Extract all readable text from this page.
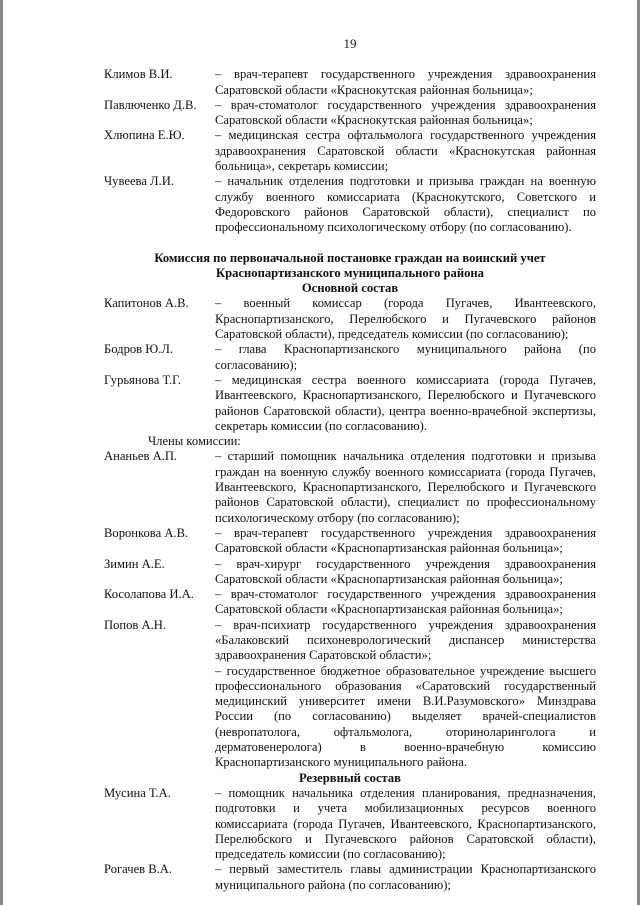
19
Климов В.И.	– врач-терапевт государственного учреждения здравоохранения Саратовской области «Краснокутская районная больница»;
Павлюченко Д.В.	– врач-стоматолог государственного учреждения здравоохранения Саратовской области «Краснокутская районная больница»;
Хлюпина Е.Ю.	– медицинская сестра офтальмолога государственного учреждения здравоохранения Саратовской области «Краснокутская районная больница», секретарь комиссии;
Чувеева Л.И.	– начальник отделения подготовки и призыва граждан на военную службу военного комиссариата (Краснокутского, Советского и Федоровского районов Саратовской области), специалист по профессиональному психологическому отбору (по согласованию).
Комиссия по первоначальной постановке граждан на воинский учет
Краснопартизанского муниципального района
Основной состав
Капитонов А.В.	– военный комиссар (города Пугачев, Ивантеевского, Краснопартизанского, Перелюбского и Пугачевского районов Саратовской области), председатель комиссии (по согласованию);
Бодров Ю.Л.	– глава Краснопартизанского муниципального района (по согласованию);
Гурьянова Т.Г.	– медицинская сестра военного комиссариата (города Пугачев, Ивантеевского, Краснопартизанского, Перелюбского и Пугачевского районов Саратовской области), центра военно-врачебной экспертизы, секретарь комиссии (по согласованию).
Члены комиссии:
Ананьев А.П.	– старший помощник начальника отделения подготовки и призыва граждан на военную службу военного комиссариата (города Пугачев, Ивантеевского, Краснопартизанского, Перелюбского и Пугачевского районов Саратовской области), специалист по профессиональному психологическому отбору (по согласованию);
Воронкова А.В.	– врач-терапевт государственного учреждения здравоохранения Саратовской области «Краснопартизанская районная больница»;
Зимин А.Е.	– врач-хирург государственного учреждения здравоохранения Саратовской области «Краснопартизанская районная больница»;
Косолапова И.А.	– врач-стоматолог государственного учреждения здравоохранения Саратовской области «Краснопартизанская районная больница»;
Попов А.Н.	– врач-психиатр государственного учреждения здравоохранения «Балаковский психоневрологический диспансер министерства здравоохранения Саратовской области»;
– государственное бюджетное образовательное учреждение высшего профессионального образования «Саратовский государственный медицинский университет имени В.И.Разумовского» Минздрава России (по согласованию) выделяет врачей-специалистов (невропатолога, офтальмолога, оториноларинголога и дерматовенеролога) в военно-врачебную комиссию Краснопартизанского муниципального района.
Резервный состав
Мусина Т.А.	– помощник начальника отделения планирования, предназначения, подготовки и учета мобилизационных ресурсов военного комиссариата (города Пугачев, Ивантеевского, Краснопартизанского, Перелюбского и Пугачевского районов Саратовской области), председатель комиссии (по согласованию);
Рогачев В.А.	– первый заместитель главы администрации Краснопартизанского муниципального района (по согласованию);
